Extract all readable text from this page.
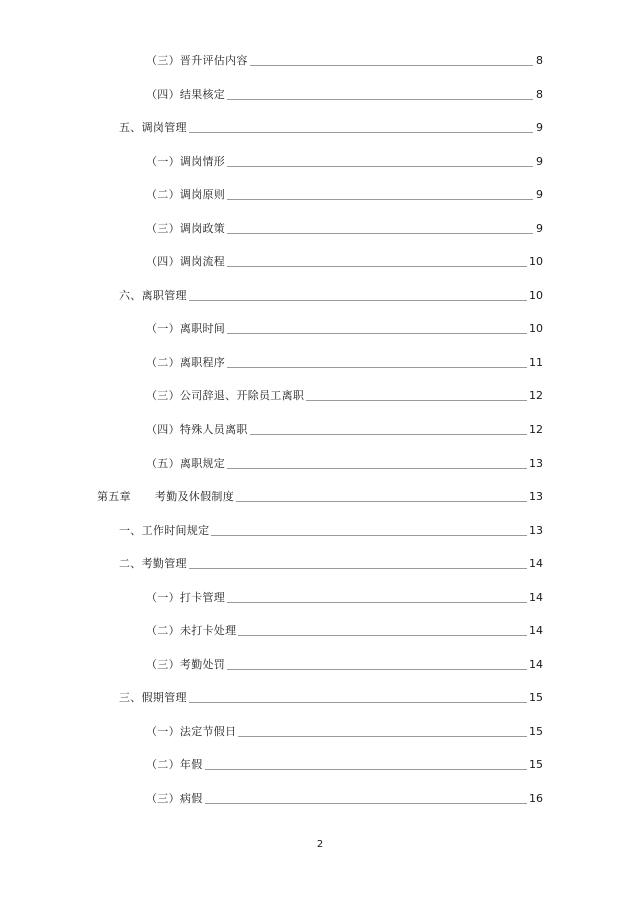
（三）晋升评估内容	8
（四）结果核定	8
五、调岗管理	9
（一）调岗情形	9
（二）调岗原则	9
（三）调岗政策	9
（四）调岗流程	10
六、离职管理	10
（一）离职时间	10
（二）离职程序	11
（三）公司辞退、开除员工离职	12
（四）特殊人员离职	12
（五）离职规定	13
第五章 考勤及休假制度	13
一、工作时间规定	13
二、考勤管理	14
（一）打卡管理	14
（二）未打卡处理	14
（三）考勤处罚	14
三、假期管理	15
（一）法定节假日	15
（二）年假	15
（三）病假	16
2
